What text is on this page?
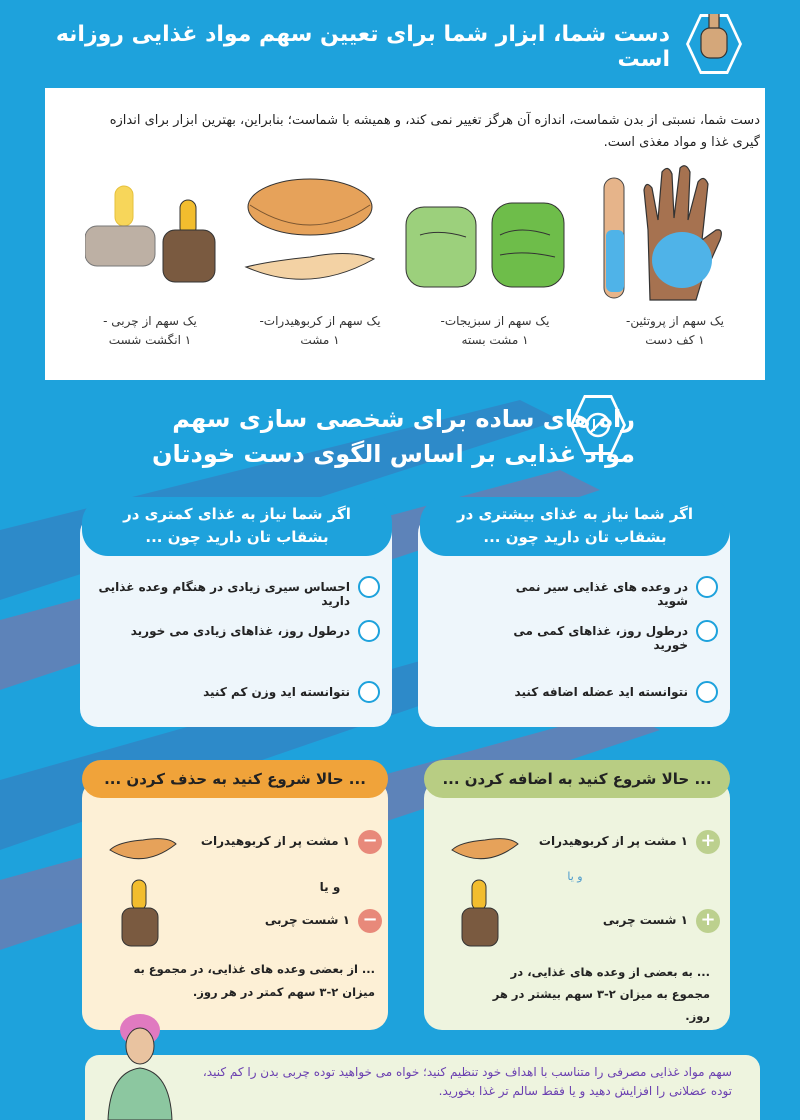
دست شما، ابزار شما برای تعیین سهم مواد غذایی روزانه است
دست شما، نسبتی از بدن شماست، اندازه آن هرگز تغییر نمی کند، و همیشه با شماست؛ بنابراین، بهترین ابزار برای اندازه گیری غذا و مواد مغذی است.
یک سهم از پروتئین-
۱ کف دست
یک سهم از سبزیجات-
۱ مشت بسته
یک سهم از کربوهیدرات-
۱ مشت
یک سهم از چربی -
۱ انگشت شست
راه های ساده برای شخصی سازی سهم
مواد غذایی بر اساس الگوی دست خودتان
اگر شما نیاز به غذای بیشتری در بشقاب تان دارید چون ...
در وعده های غذایی سیر نمی شوید
درطول روز، غذاهای کمی می خورید
نتوانسته اید عضله اضافه کنید
اگر شما نیاز به غذای کمتری در بشقاب تان دارید چون ...
احساس سیری زیادی در هنگام وعده غذایی دارید
درطول روز، غذاهای زیادی می خورید
نتوانسته اید وزن کم کنید
... حالا شروع کنید به اضافه کردن ...
۱ مشت پر از کربوهیدرات +
و یا
۱ شست چربی +
... به بعضی از وعده های غذایی، در مجموع به میزان ۲-۳ سهم بیشتر در هر روز.
... حالا شروع کنید به حذف کردن ...
۱ مشت پر از کربوهیدرات −
و یا
۱ شست چربی −
... از بعضی وعده های غذایی، در مجموع به میزان ۲-۳ سهم کمتر در هر روز.
سهم مواد غذایی مصرفی را متناسب با اهداف خود تنظیم کنید؛ خواه می خواهید توده چربی بدن را کم کنید، توده عضلانی را افزایش دهید و یا فقط سالم تر غذا بخورید.
